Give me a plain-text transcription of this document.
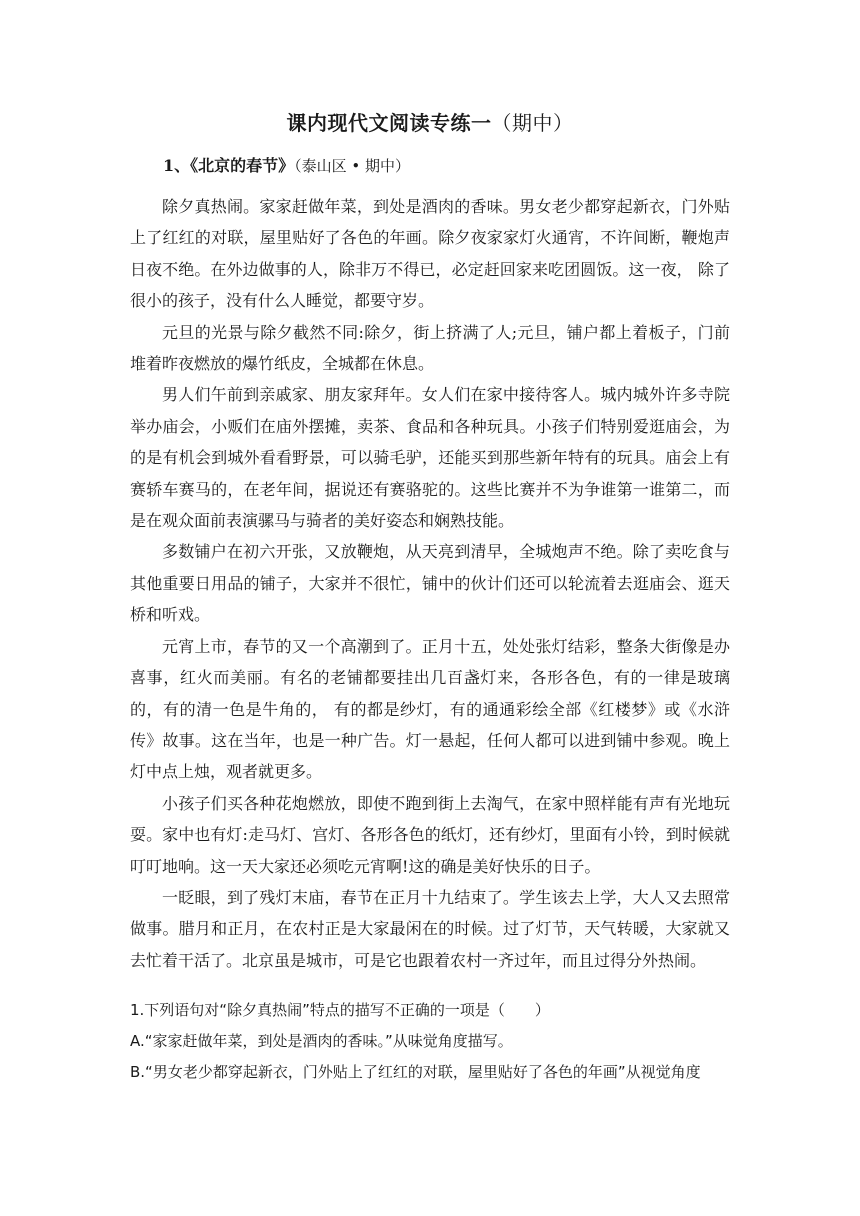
课内现代文阅读专练一（期中）
1、《北京的春节》（泰山区 • 期中）

除夕真热闹。家家赶做年菜，到处是酒肉的香味。男女老少都穿起新衣，门外贴上了红红的对联，屋里贴好了各色的年画。除夕夜家家灯火通宵，不许间断，鞭炮声日夜不绝。在外边做事的人，除非万不得已，必定赶回家来吃团圆饭。这一夜， 除了很小的孩子，没有什么人睡觉，都要守岁。

元旦的光景与除夕截然不同:除夕，街上挤满了人;元旦，铺户都上着板子，门前堆着昨夜燃放的爆竹纸皮，全城都在休息。

男人们午前到亲戚家、朋友家拜年。女人们在家中接待客人。城内城外许多寺院举办庙会，小贩们在庙外摆摊，卖茶、食品和各种玩具。小孩子们特别爱逛庙会，为的是有机会到城外看看野景，可以骑毛驴，还能买到那些新年特有的玩具。庙会上有赛轿车赛马的，在老年间，据说还有赛骆驼的。这些比赛并不为争谁第一谁第二，而是在观众面前表演骡马与骑者的美好姿态和娴熟技能。

多数铺户在初六开张，又放鞭炮，从天亮到清早，全城炮声不绝。除了卖吃食与其他重要日用品的铺子，大家并不很忙，铺中的伙计们还可以轮流着去逛庙会、逛天桥和听戏。

元宵上市，春节的又一个高潮到了。正月十五，处处张灯结彩，整条大街像是办喜事，红火而美丽。有名的老铺都要挂出几百盏灯来，各形各色，有的一律是玻璃的，有的清一色是牛角的， 有的都是纱灯，有的通通彩绘全部《红楼梦》或《水浒传》故事。这在当年，也是一种广告。灯一悬起，任何人都可以进到铺中参观。晚上灯中点上烛，观者就更多。

小孩子们买各种花炮燃放，即使不跑到街上去淘气，在家中照样能有声有光地玩耍。家中也有灯:走马灯、宫灯、各形各色的纸灯，还有纱灯，里面有小铃，到时候就叮叮地响。这一天大家还必须吃元宵啊!这的确是美好快乐的日子。

一眨眼，到了残灯末庙，春节在正月十九结束了。学生该去上学，大人又去照常做事。腊月和正月，在农村正是大家最闲在的时候。过了灯节，天气转暖，大家就又去忙着干活了。北京虽是城市，可是它也跟着农村一齐过年，而且过得分外热闹。

1.下列语句对“除夕真热闹”特点的描写不正确的一项是（　　）
A.“家家赶做年菜，到处是酒肉的香味。”从味觉角度描写。
B.“男女老少都穿起新衣，门外贴上了红红的对联，屋里贴好了各色的年画”从视觉角度
